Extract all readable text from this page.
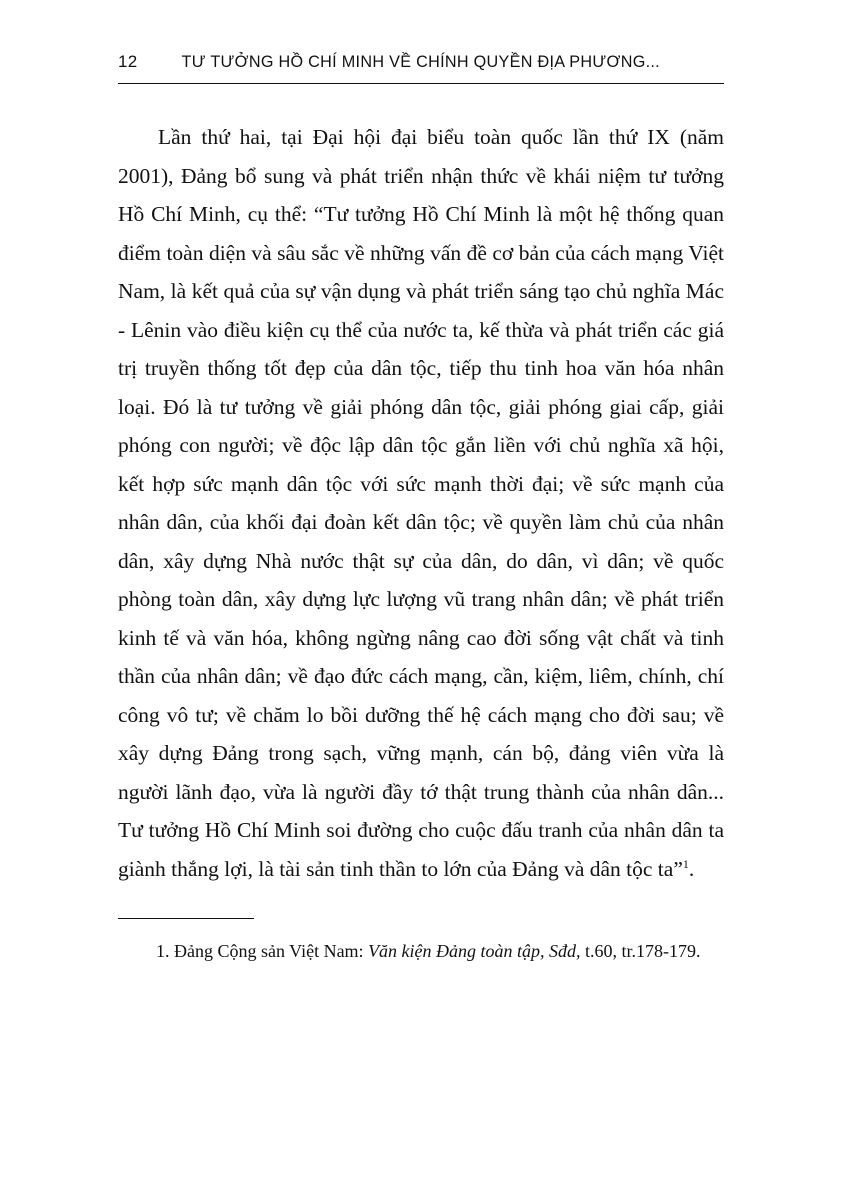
12	TƯ TƯỞNG HỒ CHÍ MINH VỀ CHÍNH QUYỀN ĐỊA PHƯƠNG...

Lần thứ hai, tại Đại hội đại biểu toàn quốc lần thứ IX (năm 2001), Đảng bổ sung và phát triển nhận thức về khái niệm tư tưởng Hồ Chí Minh, cụ thể: “Tư tưởng Hồ Chí Minh là một hệ thống quan điểm toàn diện và sâu sắc về những vấn đề cơ bản của cách mạng Việt Nam, là kết quả của sự vận dụng và phát triển sáng tạo chủ nghĩa Mác - Lênin vào điều kiện cụ thể của nước ta, kế thừa và phát triển các giá trị truyền thống tốt đẹp của dân tộc, tiếp thu tinh hoa văn hóa nhân loại. Đó là tư tưởng về giải phóng dân tộc, giải phóng giai cấp, giải phóng con người; về độc lập dân tộc gắn liền với chủ nghĩa xã hội, kết hợp sức mạnh dân tộc với sức mạnh thời đại; về sức mạnh của nhân dân, của khối đại đoàn kết dân tộc; về quyền làm chủ của nhân dân, xây dựng Nhà nước thật sự của dân, do dân, vì dân; về quốc phòng toàn dân, xây dựng lực lượng vũ trang nhân dân; về phát triển kinh tế và văn hóa, không ngừng nâng cao đời sống vật chất và tinh thần của nhân dân; về đạo đức cách mạng, cần, kiệm, liêm, chính, chí công vô tư; về chăm lo bồi dưỡng thế hệ cách mạng cho đời sau; về xây dựng Đảng trong sạch, vững mạnh, cán bộ, đảng viên vừa là người lãnh đạo, vừa là người đầy tớ thật trung thành của nhân dân... Tư tưởng Hồ Chí Minh soi đường cho cuộc đấu tranh của nhân dân ta giành thắng lợi, là tài sản tinh thần to lớn của Đảng và dân tộc ta”$^1$.

1. Đảng Cộng sản Việt Nam: Văn kiện Đảng toàn tập, Sđd, t.60, tr.178-179.
